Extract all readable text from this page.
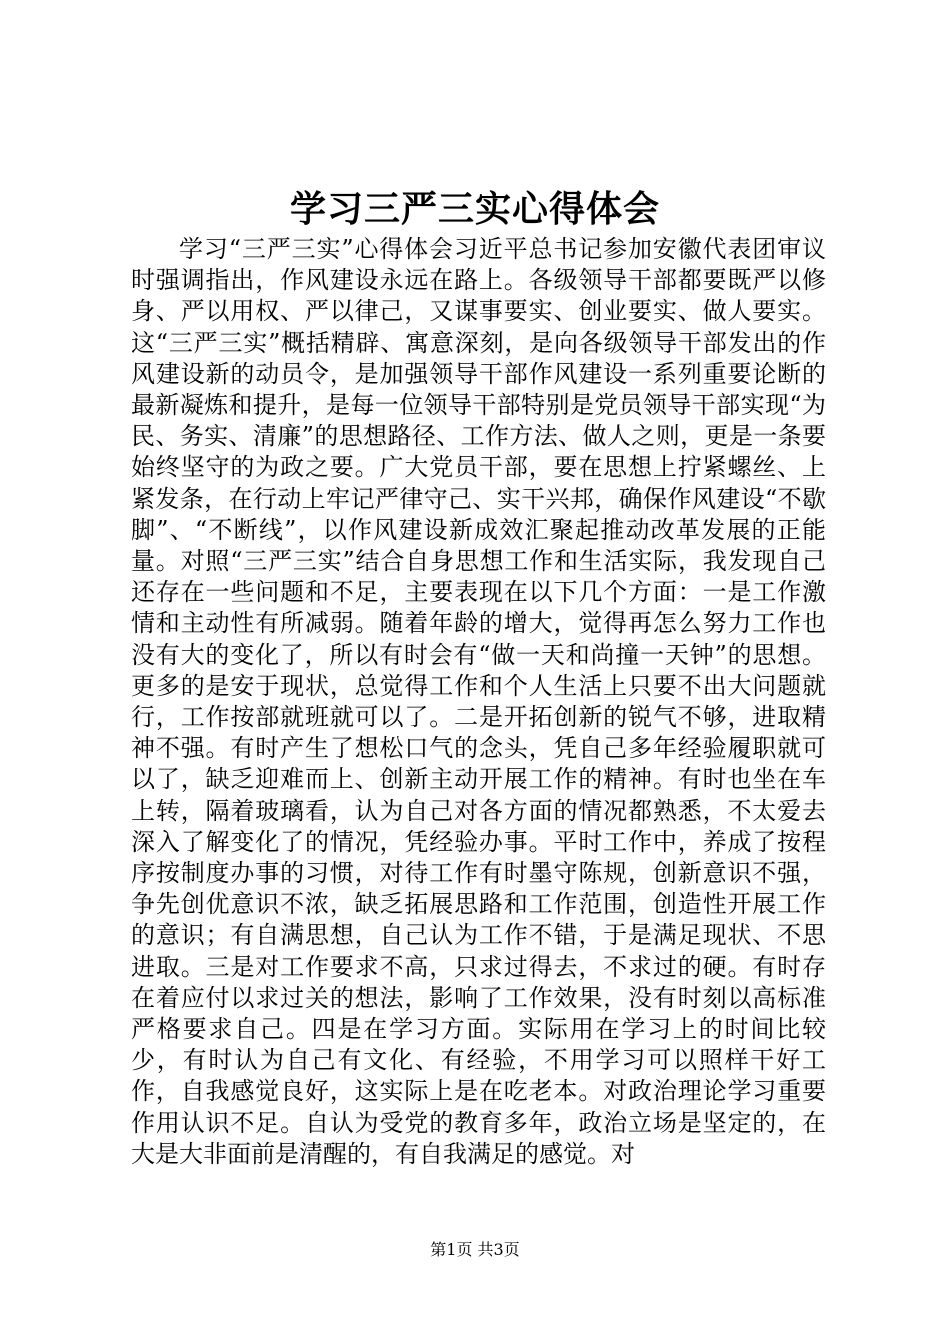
学习三严三实心得体会

学习“三严三实”心得体会习近平总书记参加安徽代表团审议时强调指出，作风建设永远在路上。各级领导干部都要既严以修身、严以用权、严以律己，又谋事要实、创业要实、做人要实。这“三严三实”概括精辟、寓意深刻，是向各级领导干部发出的作风建设新的动员令，是加强领导干部作风建设一系列重要论断的最新凝炼和提升，是每一位领导干部特别是党员领导干部实现“为民、务实、清廉”的思想路径、工作方法、做人之则，更是一条要始终坚守的为政之要。广大党员干部，要在思想上拧紧螺丝、上紧发条，在行动上牢记严律守己、实干兴邦，确保作风建设“不歇脚”、“不断线”，以作风建设新成效汇聚起推动改革发展的正能量。对照“三严三实”结合自身思想工作和生活实际，我发现自己还存在一些问题和不足，主要表现在以下几个方面：一是工作激情和主动性有所减弱。随着年龄的增大，觉得再怎么努力工作也没有大的变化了，所以有时会有“做一天和尚撞一天钟”的思想。更多的是安于现状，总觉得工作和个人生活上只要不出大问题就行，工作按部就班就可以了。二是开拓创新的锐气不够，进取精神不强。有时产生了想松口气的念头，凭自己多年经验履职就可以了，缺乏迎难而上、创新主动开展工作的精神。有时也坐在车上转，隔着玻璃看，认为自己对各方面的情况都熟悉，不太爱去深入了解变化了的情况，凭经验办事。平时工作中，养成了按程序按制度办事的习惯，对待工作有时墨守陈规，创新意识不强，争先创优意识不浓，缺乏拓展思路和工作范围，创造性开展工作的意识；有自满思想，自己认为工作不错，于是满足现状、不思进取。三是对工作要求不高，只求过得去，不求过的硬。有时存在着应付以求过关的想法，影响了工作效果，没有时刻以高标准严格要求自己。四是在学习方面。实际用在学习上的时间比较少，有时认为自己有文化、有经验，不用学习可以照样干好工作，自我感觉良好，这实际上是在吃老本。对政治理论学习重要作用认识不足。自认为受党的教育多年，政治立场是坚定的，在大是大非面前是清醒的，有自我满足的感觉。对

第1页 共3页
